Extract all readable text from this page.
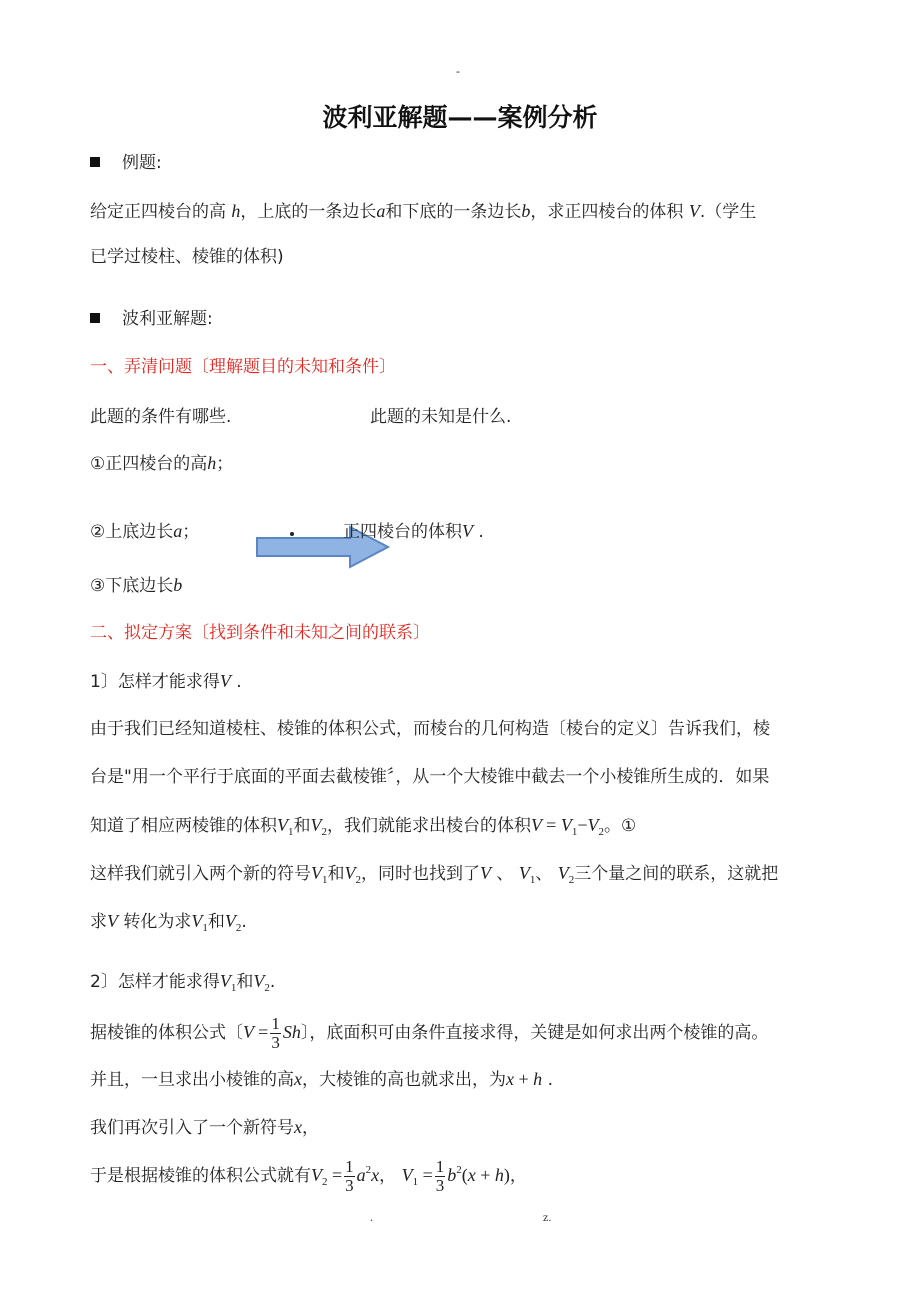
-
波利亚解题——案例分析
例题:
给定正四棱台的高 h，上底的一条边长a和下底的一条边长b，求正四棱台的体积 V.（学生
已学过棱柱、棱锥的体积)
波利亚解题:
一、弄清问题〔理解题目的未知和条件〕
此题的条件有哪些.	此题的未知是什么.
①正四棱台的高h；
②上底边长a；	正四棱台的体积V .
③下底边长b
二、拟定方案〔找到条件和未知之间的联系〕
1〕怎样才能求得V .
由于我们已经知道棱柱、棱锥的体积公式，而棱台的几何构造〔棱台的定义〕告诉我们，棱
台是"用一个平行于底面的平面去截棱锥〞，从一个大棱锥中截去一个小棱锥所生成的．如果
知道了相应两棱锥的体积$V_1$和$V_2$，我们就能求出棱台的体积$V = V_1-V_2$。①
这样我们就引入两个新的符号$V_1$和$V_2$，同时也找到了V 、 $V_1$、 $V_2$三个量之间的联系，这就把
求V 转化为求$V_1$和$V_2$.
2〕怎样才能求得$V_1$和$V_2$.
据棱锥的体积公式〔$V = \frac{1}{3}$ Sh〕，底面积可由条件直接求得，关键是如何求出两个棱锥的高。
并且，一旦求出小棱锥的高x，大棱锥的高也就求出，为x + h .
我们再次引入了一个新符号x，
于是根据棱锥的体积公式就有$V_2 = \frac{1}{3} a^2x$， $V_1 = \frac{1}{3} b^2(x + h)$，
.	z.
